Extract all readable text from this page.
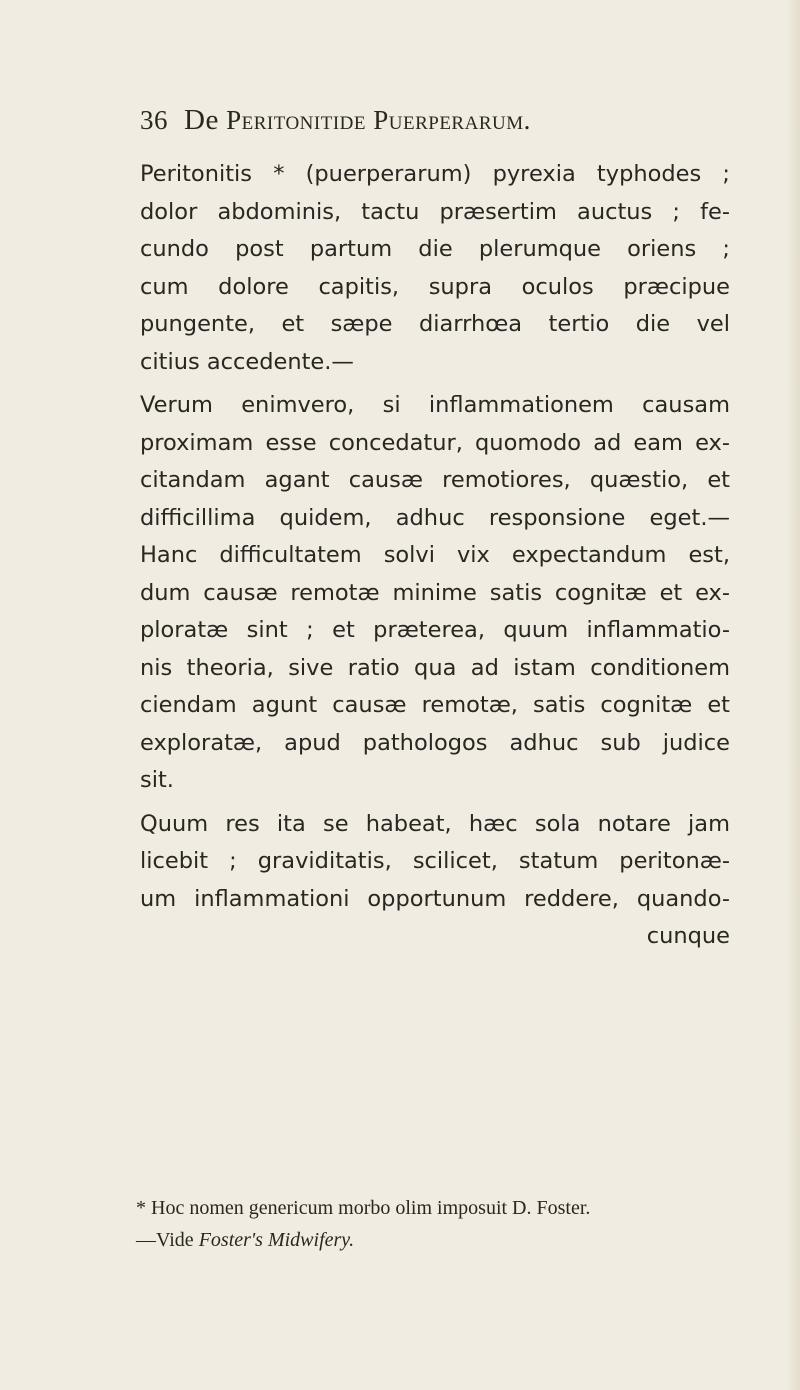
36 De Peritonitide Puerperarum.

Peritonitis * (puerperarum) pyrexia typhodes ;
dolor abdominis, tactu præsertim auctus ; fe-
cundo post partum die plerumque oriens ;
cum dolore capitis, supra oculos præcipue
pungente, et sæpe diarrhœa tertio die vel
citius accedente.—

Verum enimvero, si inflammationem causam
proximam esse concedatur, quomodo ad eam ex-
citandam agant causæ remotiores, quæstio, et
difficillima quidem, adhuc responsione eget.—
Hanc difficultatem solvi vix expectandum est,
dum causæ remotæ minime satis cognitæ et ex-
ploratæ sint ; et præterea, quum inflammatio-
nis theoria, sive ratio qua ad istam conditionem
ciendam agunt causæ remotæ, satis cognitæ et
exploratæ, apud pathologos adhuc sub judice
sit.

Quum res ita se habeat, hæc sola notare jam
licebit ; graviditatis, scilicet, statum peritonæ-
um inflammationi opportunum reddere, quando-
cunque

* Hoc nomen genericum morbo olim imposuit D. Foster.
—Vide Foster's Midwifery.
